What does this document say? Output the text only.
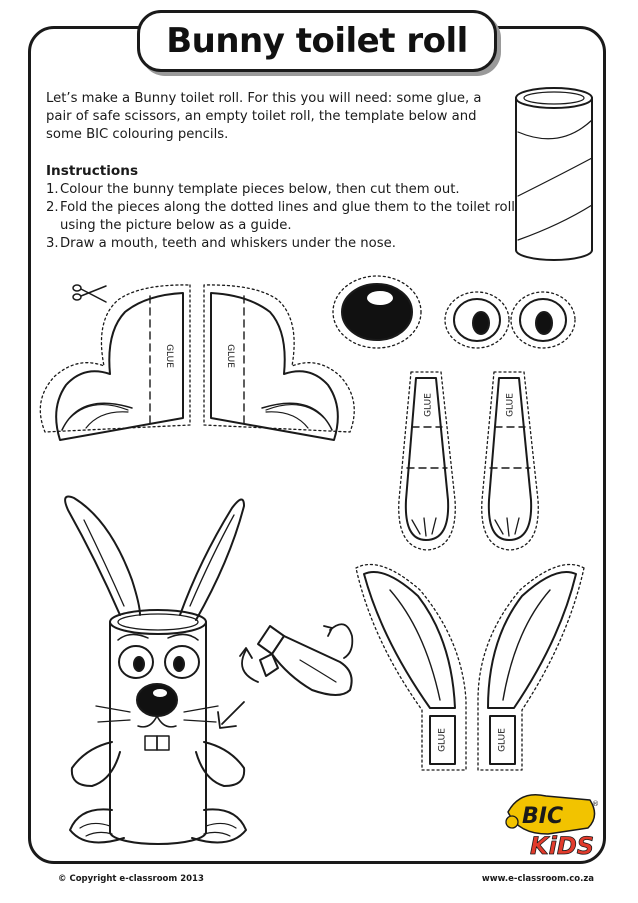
Bunny toilet roll
Let’s make a Bunny toilet roll. For this you will need: some glue, a pair of safe scissors, an empty toilet roll, the template below and some BIC colouring pencils.
Instructions
1. Colour the bunny template pieces below, then cut them out.
2. Fold the pieces along the dotted lines and glue them to the toilet roll using the picture below as a guide.
3. Draw a mouth, teeth and whiskers under the nose.
GLUE	GLUE
GLUE	GLUE
GLUE	GLUE
BIC
KiDS
®
© Copyright e-classroom 2013	www.e-classroom.co.za
